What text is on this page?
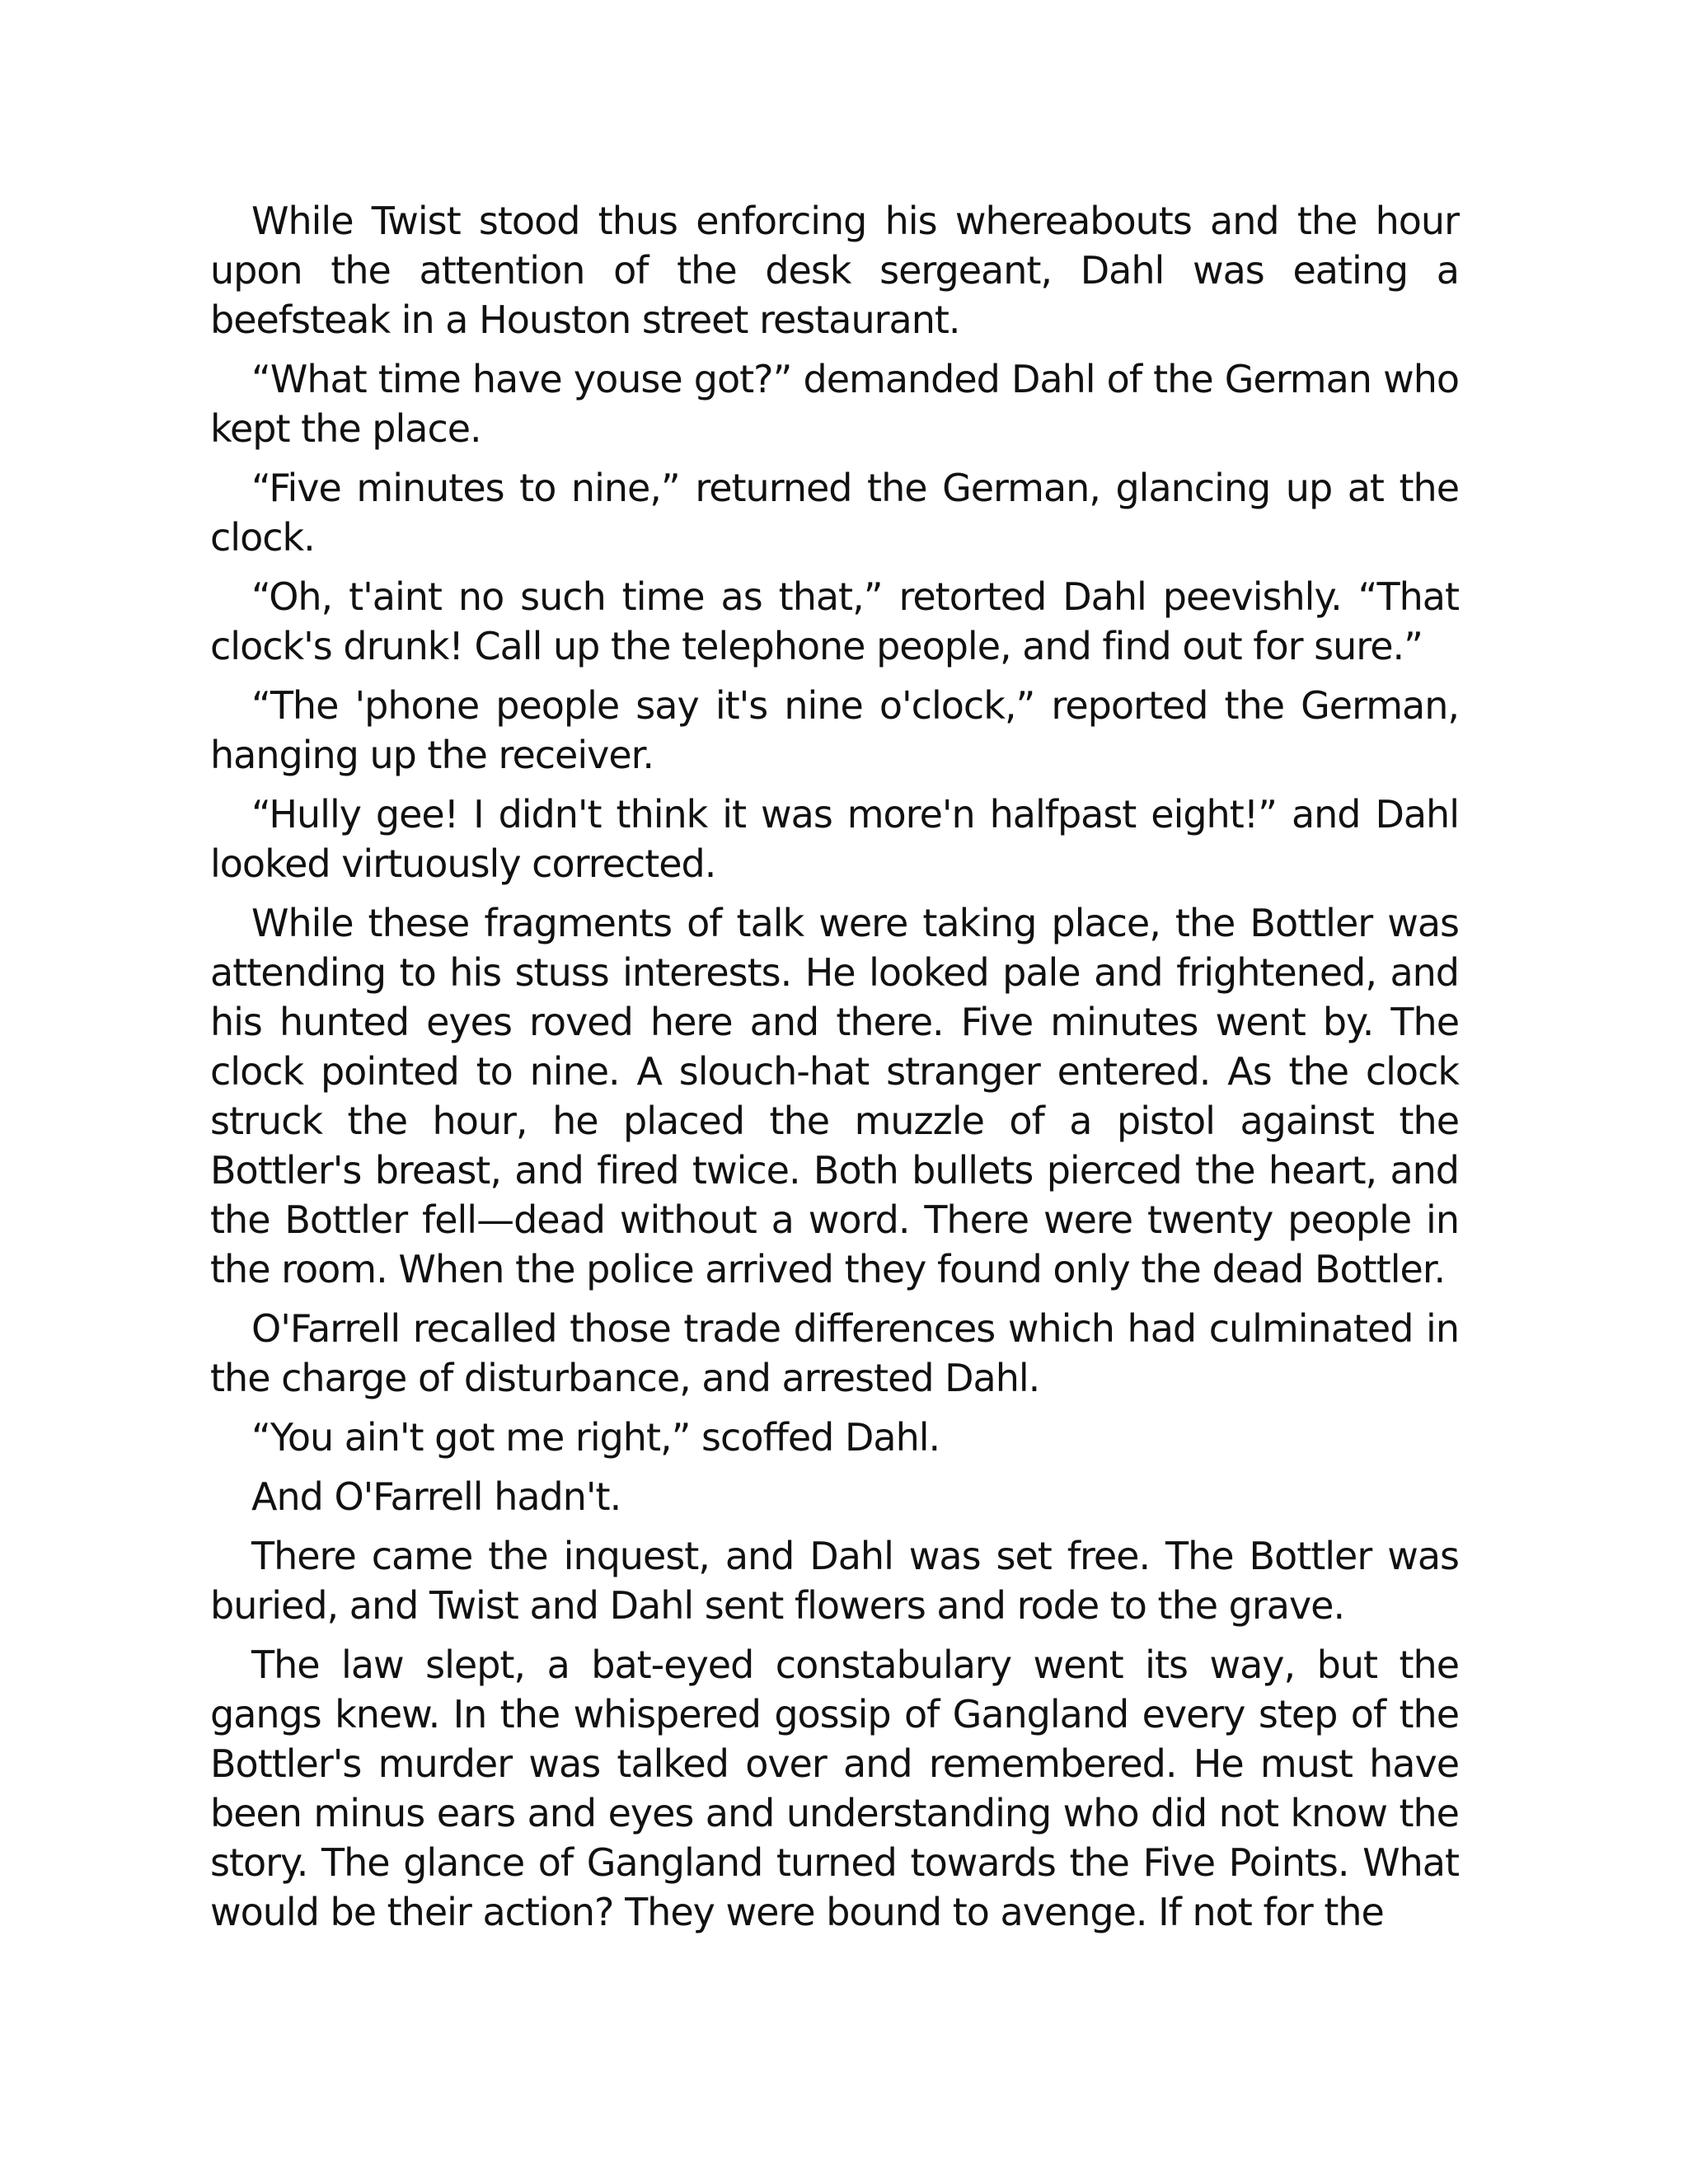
While Twist stood thus enforcing his whereabouts and the hour upon the attention of the desk sergeant, Dahl was eating a beefsteak in a Houston street restaurant.

“What time have youse got?” demanded Dahl of the German who kept the place.

“Five minutes to nine,” returned the German, glancing up at the clock.

“Oh, t'aint no such time as that,” retorted Dahl peevishly. “That clock's drunk! Call up the telephone people, and find out for sure.”

“The 'phone people say it's nine o'clock,” reported the German, hanging up the receiver.

“Hully gee! I didn't think it was more'n halfpast eight!” and Dahl looked virtuously corrected.

While these fragments of talk were taking place, the Bottler was attending to his stuss interests. He looked pale and frightened, and his hunted eyes roved here and there. Five minutes went by. The clock pointed to nine. A slouch-hat stranger entered. As the clock struck the hour, he placed the muzzle of a pistol against the Bottler's breast, and fired twice. Both bullets pierced the heart, and the Bottler fell—dead without a word. There were twenty people in the room. When the police arrived they found only the dead Bottler.

O'Farrell recalled those trade differences which had culminated in the charge of disturbance, and arrested Dahl.

“You ain't got me right,” scoffed Dahl.

And O'Farrell hadn't.

There came the inquest, and Dahl was set free. The Bottler was buried, and Twist and Dahl sent flowers and rode to the grave.

The law slept, a bat-eyed constabulary went its way, but the gangs knew. In the whispered gossip of Gangland every step of the Bottler's murder was talked over and remembered. He must have been minus ears and eyes and understanding who did not know the story. The glance of Gangland turned towards the Five Points. What would be their action? They were bound to avenge. If not for the
